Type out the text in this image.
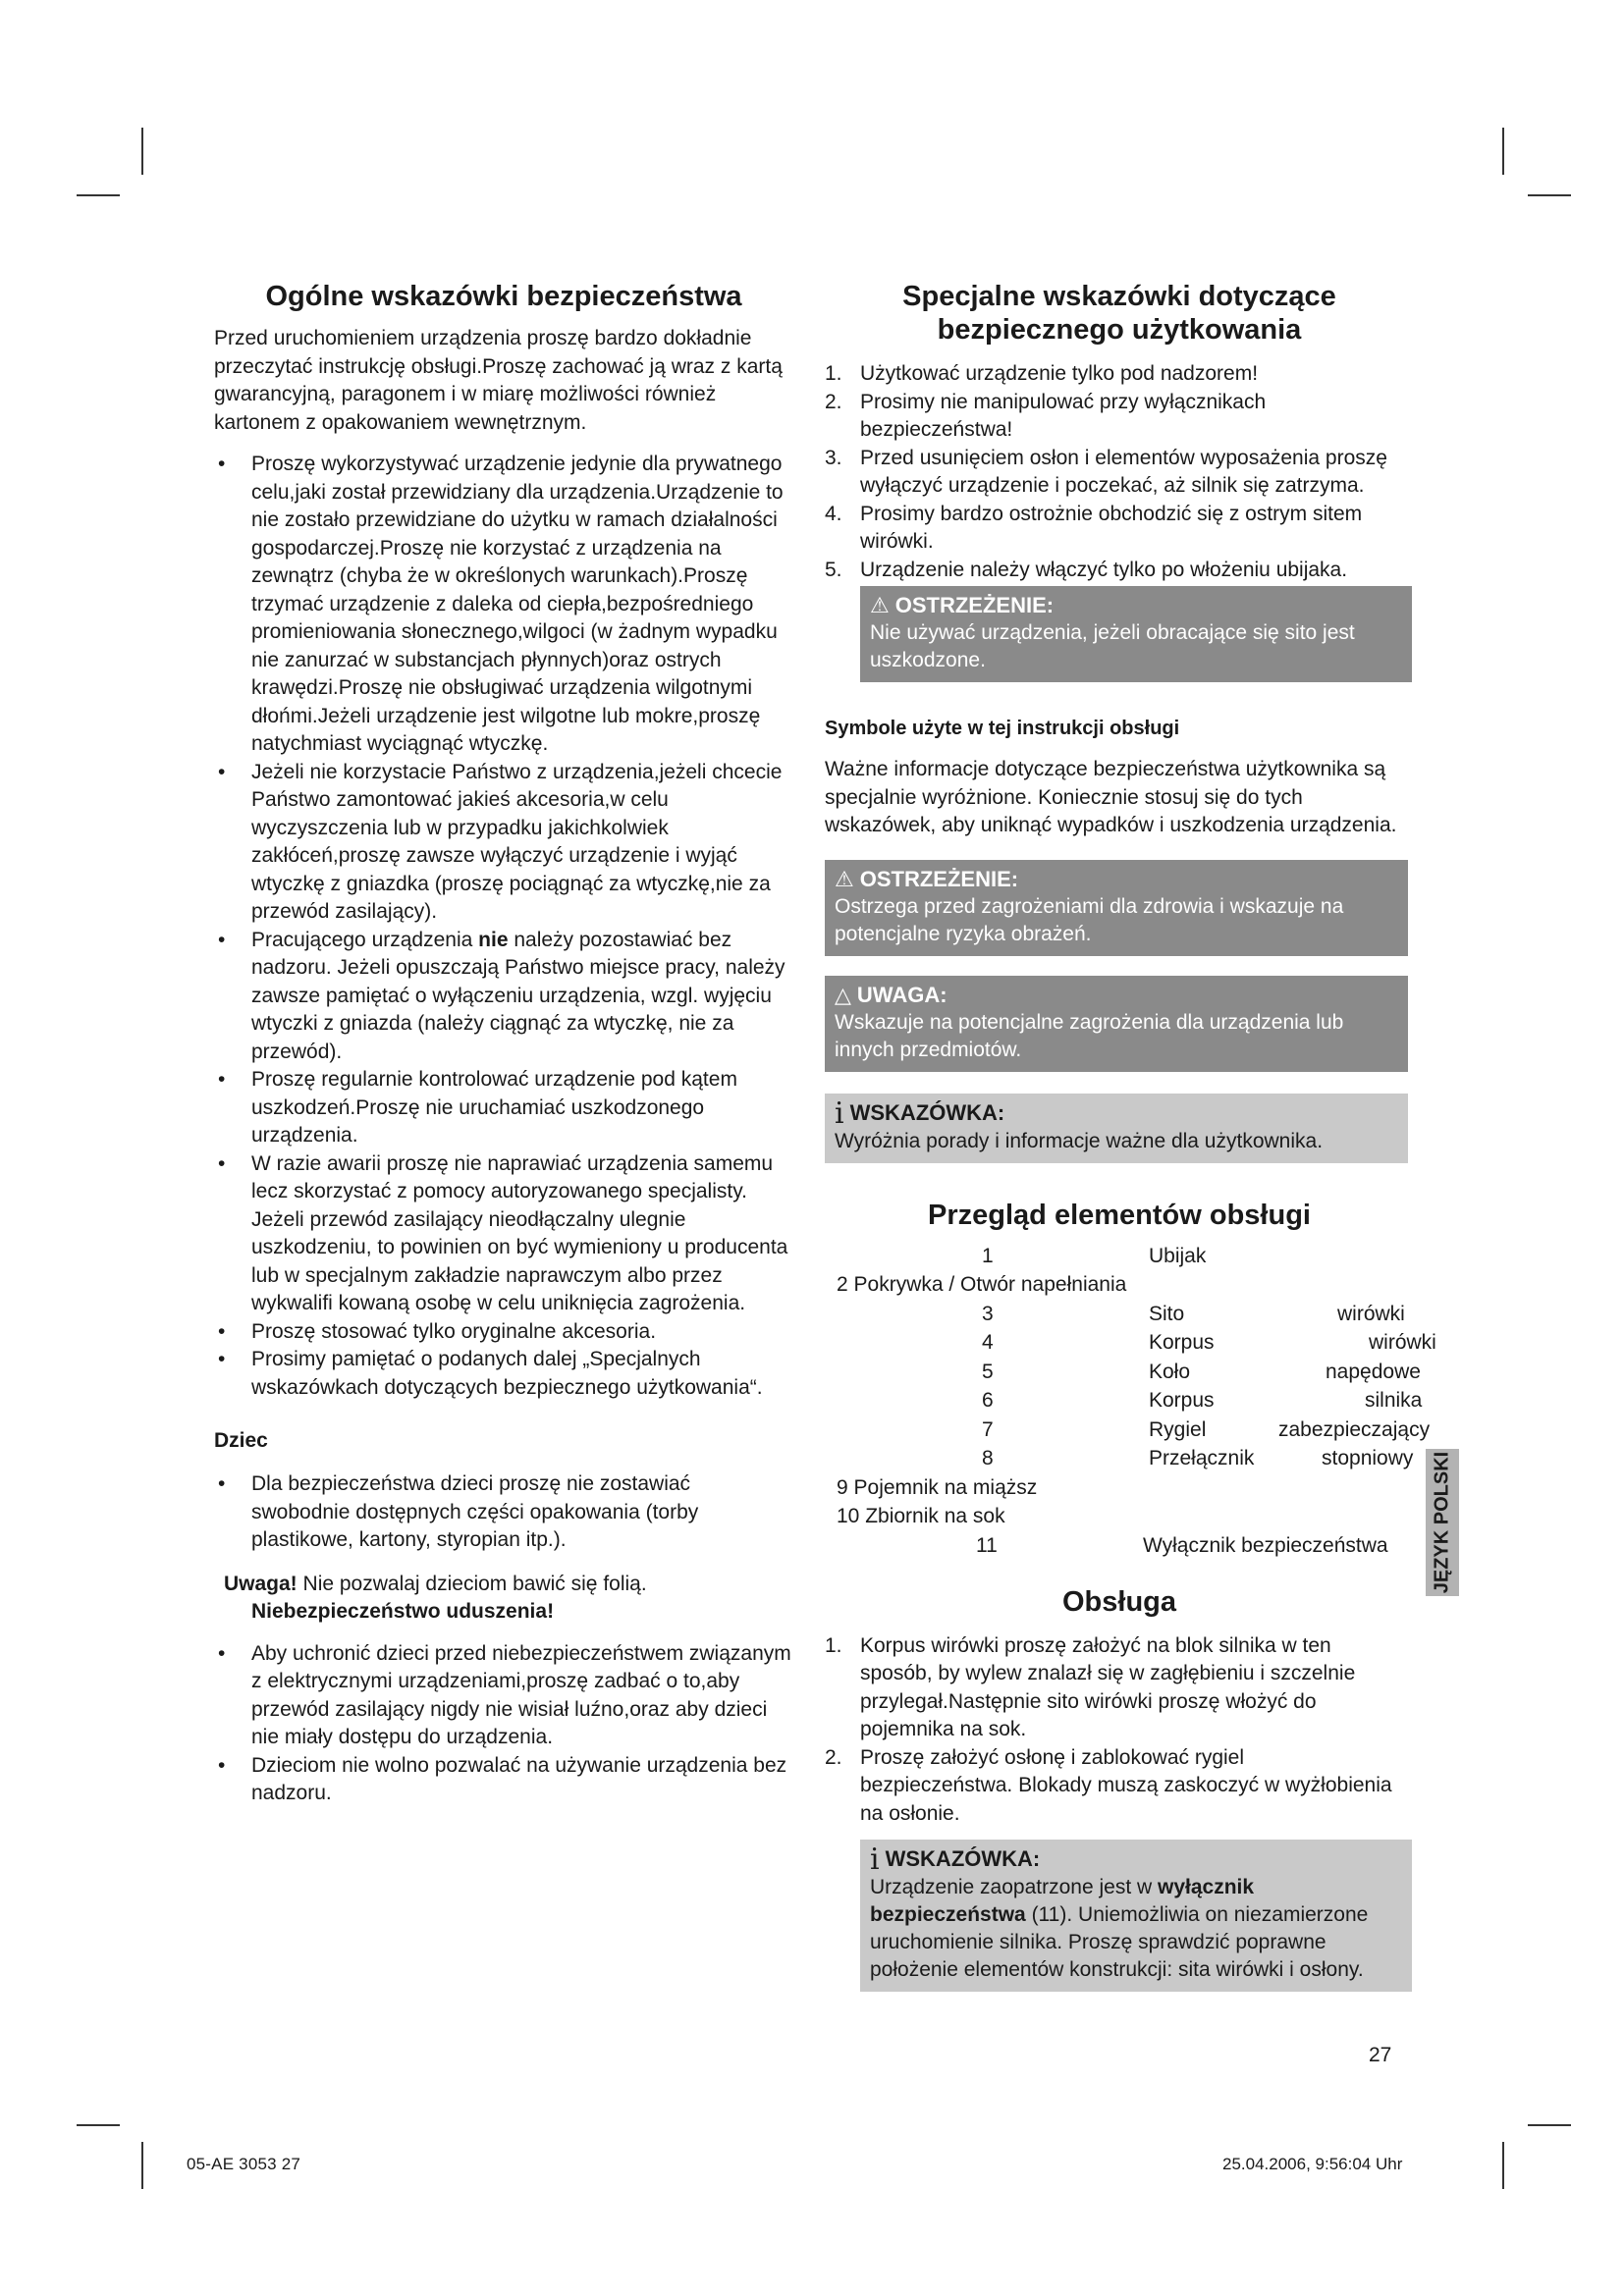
Ogólne wskazówki bezpieczeństwa

Przed uruchomieniem urządzenia proszę bardzo dokładnie przeczytać instrukcję obsługi.Proszę zachować ją wraz z kartą gwarancyjną, paragonem i w miarę możliwości również kartonem z opakowaniem wewnętrznym.

• Proszę wykorzystywać urządzenie jedynie dla prywatnego celu,jaki został przewidziany dla urządzenia.Urządzenie to nie zostało przewidziane do użytku w ramach działalności gospodarczej.Proszę nie korzystać z urządzenia na zewnątrz (chyba że w określonych warunkach).Proszę trzymać urządzenie z daleka od ciepła,bezpośredniego promieniowania słonecznego,wilgoci (w żadnym wypadku nie zanurzać w substancjach płynnych)oraz ostrych krawędzi.Proszę nie obsługiwać urządzenia wilgotnymi dłońmi.Jeżeli urządzenie jest wilgotne lub mokre,proszę natychmiast wyciągnąć wtyczkę.
• Jeżeli nie korzystacie Państwo z urządzenia,jeżeli chcecie Państwo zamontować jakieś akcesoria,w celu wyczyszczenia lub w przypadku jakichkolwiek zakłóceń,proszę zawsze wyłączyć urządzenie i wyjąć wtyczkę z gniazdka (proszę pociągnąć za wtyczkę,nie za przewód zasilający).
• Pracującego urządzenia nie należy pozostawiać bez nadzoru. Jeżeli opuszczają Państwo miejsce pracy, należy zawsze pamiętać o wyłączeniu urządzenia, wzgl. wyjęciu wtyczki z gniazda (należy ciągnąć za wtyczkę, nie za przewód).
• Proszę regularnie kontrolować urządzenie pod kątem uszkodzeń.Proszę nie uruchamiać uszkodzonego urządzenia.
• W razie awarii proszę nie naprawiać urządzenia samemu lecz skorzystać z pomocy autoryzowanego specjalisty. Jeżeli przewód zasilający nieodłączalny ulegnie uszkodzeniu, to powinien on być wymieniony u producenta lub w specjalnym zakładzie naprawczym albo przez wykwalifi kowaną osobę w celu uniknięcia zagrożenia.
• Proszę stosować tylko oryginalne akcesoria.
• Prosimy pamiętać o podanych dalej „Specjalnych wskazówkach dotyczących bezpiecznego użytkowania“.
Dziec
• Dla bezpieczeństwa dzieci proszę nie zostawiać swobodnie dostępnych części opakowania (torby plastikowe, kartony, styropian itp.).

Uwaga! Nie pozwalaj dzieciom bawić się folią.
Niebezpieczeństwo uduszenia!

• Aby uchronić dzieci przed niebezpieczeństwem związanym z elektrycznymi urządzeniami,proszę zadbać o to,aby przewód zasilający nigdy nie wisiał luźno,oraz aby dzieci nie miały dostępu do urządzenia.
• Dzieciom nie wolno pozwalać na używanie urządzenia bez nadzoru.
Specjalne wskazówki dotyczące
bezpiecznego użytkowania
1. Użytkować urządzenie tylko pod nadzorem!
2. Prosimy nie manipulować przy wyłącznikach bezpieczeństwa!
3. Przed usunięciem osłon i elementów wyposażenia proszę wyłączyć urządzenie i poczekać, aż silnik się zatrzyma.
4. Prosimy bardzo ostrożnie obchodzić się z ostrym sitem wirówki.
5. Urządzenie należy włączyć tylko po włożeniu ubijaka.
⚠ OSTRZEŻENIE:
Nie używać urządzenia, jeżeli obracające się sito jest uszkodzone.
Symbole użyte w tej instrukcji obsługi

Ważne informacje dotyczące bezpieczeństwa użytkownika są specjalnie wyróżnione. Koniecznie stosuj się do tych wskazówek, aby uniknąć wypadków i uszkodzenia urządzenia.

⚠ OSTRZEŻENIE:
Ostrzega przed zagrożeniami dla zdrowia i wskazuje na potencjalne ryzyka obrażeń.
△ UWAGA:
Wskazuje na potencjalne zagrożenia dla urządzenia lub innych przedmiotów.
i WSKAZÓWKA:
Wyróżnia porady i informacje ważne dla użytkownika.
Przegląd elementów obsługi
1	Ubijak
2 Pokrywka / Otwór napełniania
3	Sito	wirówki
4	Korpus	wirówki
5	Koło	napędowe
6	Korpus	silnika
7	Rygiel	zabezpieczający
8	Przełącznik	stopniowy
9 Pojemnik na miąższ
10 Zbiornik na sok
11	Wyłącznik bezpieczeństwa
Obsługa
1. Korpus wirówki proszę założyć na blok silnika w ten sposób, by wylew znalazł się w zagłębieniu i szczelnie przylegał.Następnie sito wirówki proszę włożyć do pojemnika na sok.
2. Proszę założyć osłonę i zablokować rygiel bezpieczeństwa. Blokady muszą zaskoczyć w wyżłobienia na osłonie.
i WSKAZÓWKA:
Urządzenie zaopatrzone jest w wyłącznik bezpieczeństwa (11). Uniemożliwia on niezamierzone uruchomienie silnika. Proszę sprawdzić poprawne położenie elementów konstrukcji: sita wirówki i osłony.
JĘZYK POLSKI
27
05-AE 3053 27	25.04.2006, 9:56:04 Uhr
